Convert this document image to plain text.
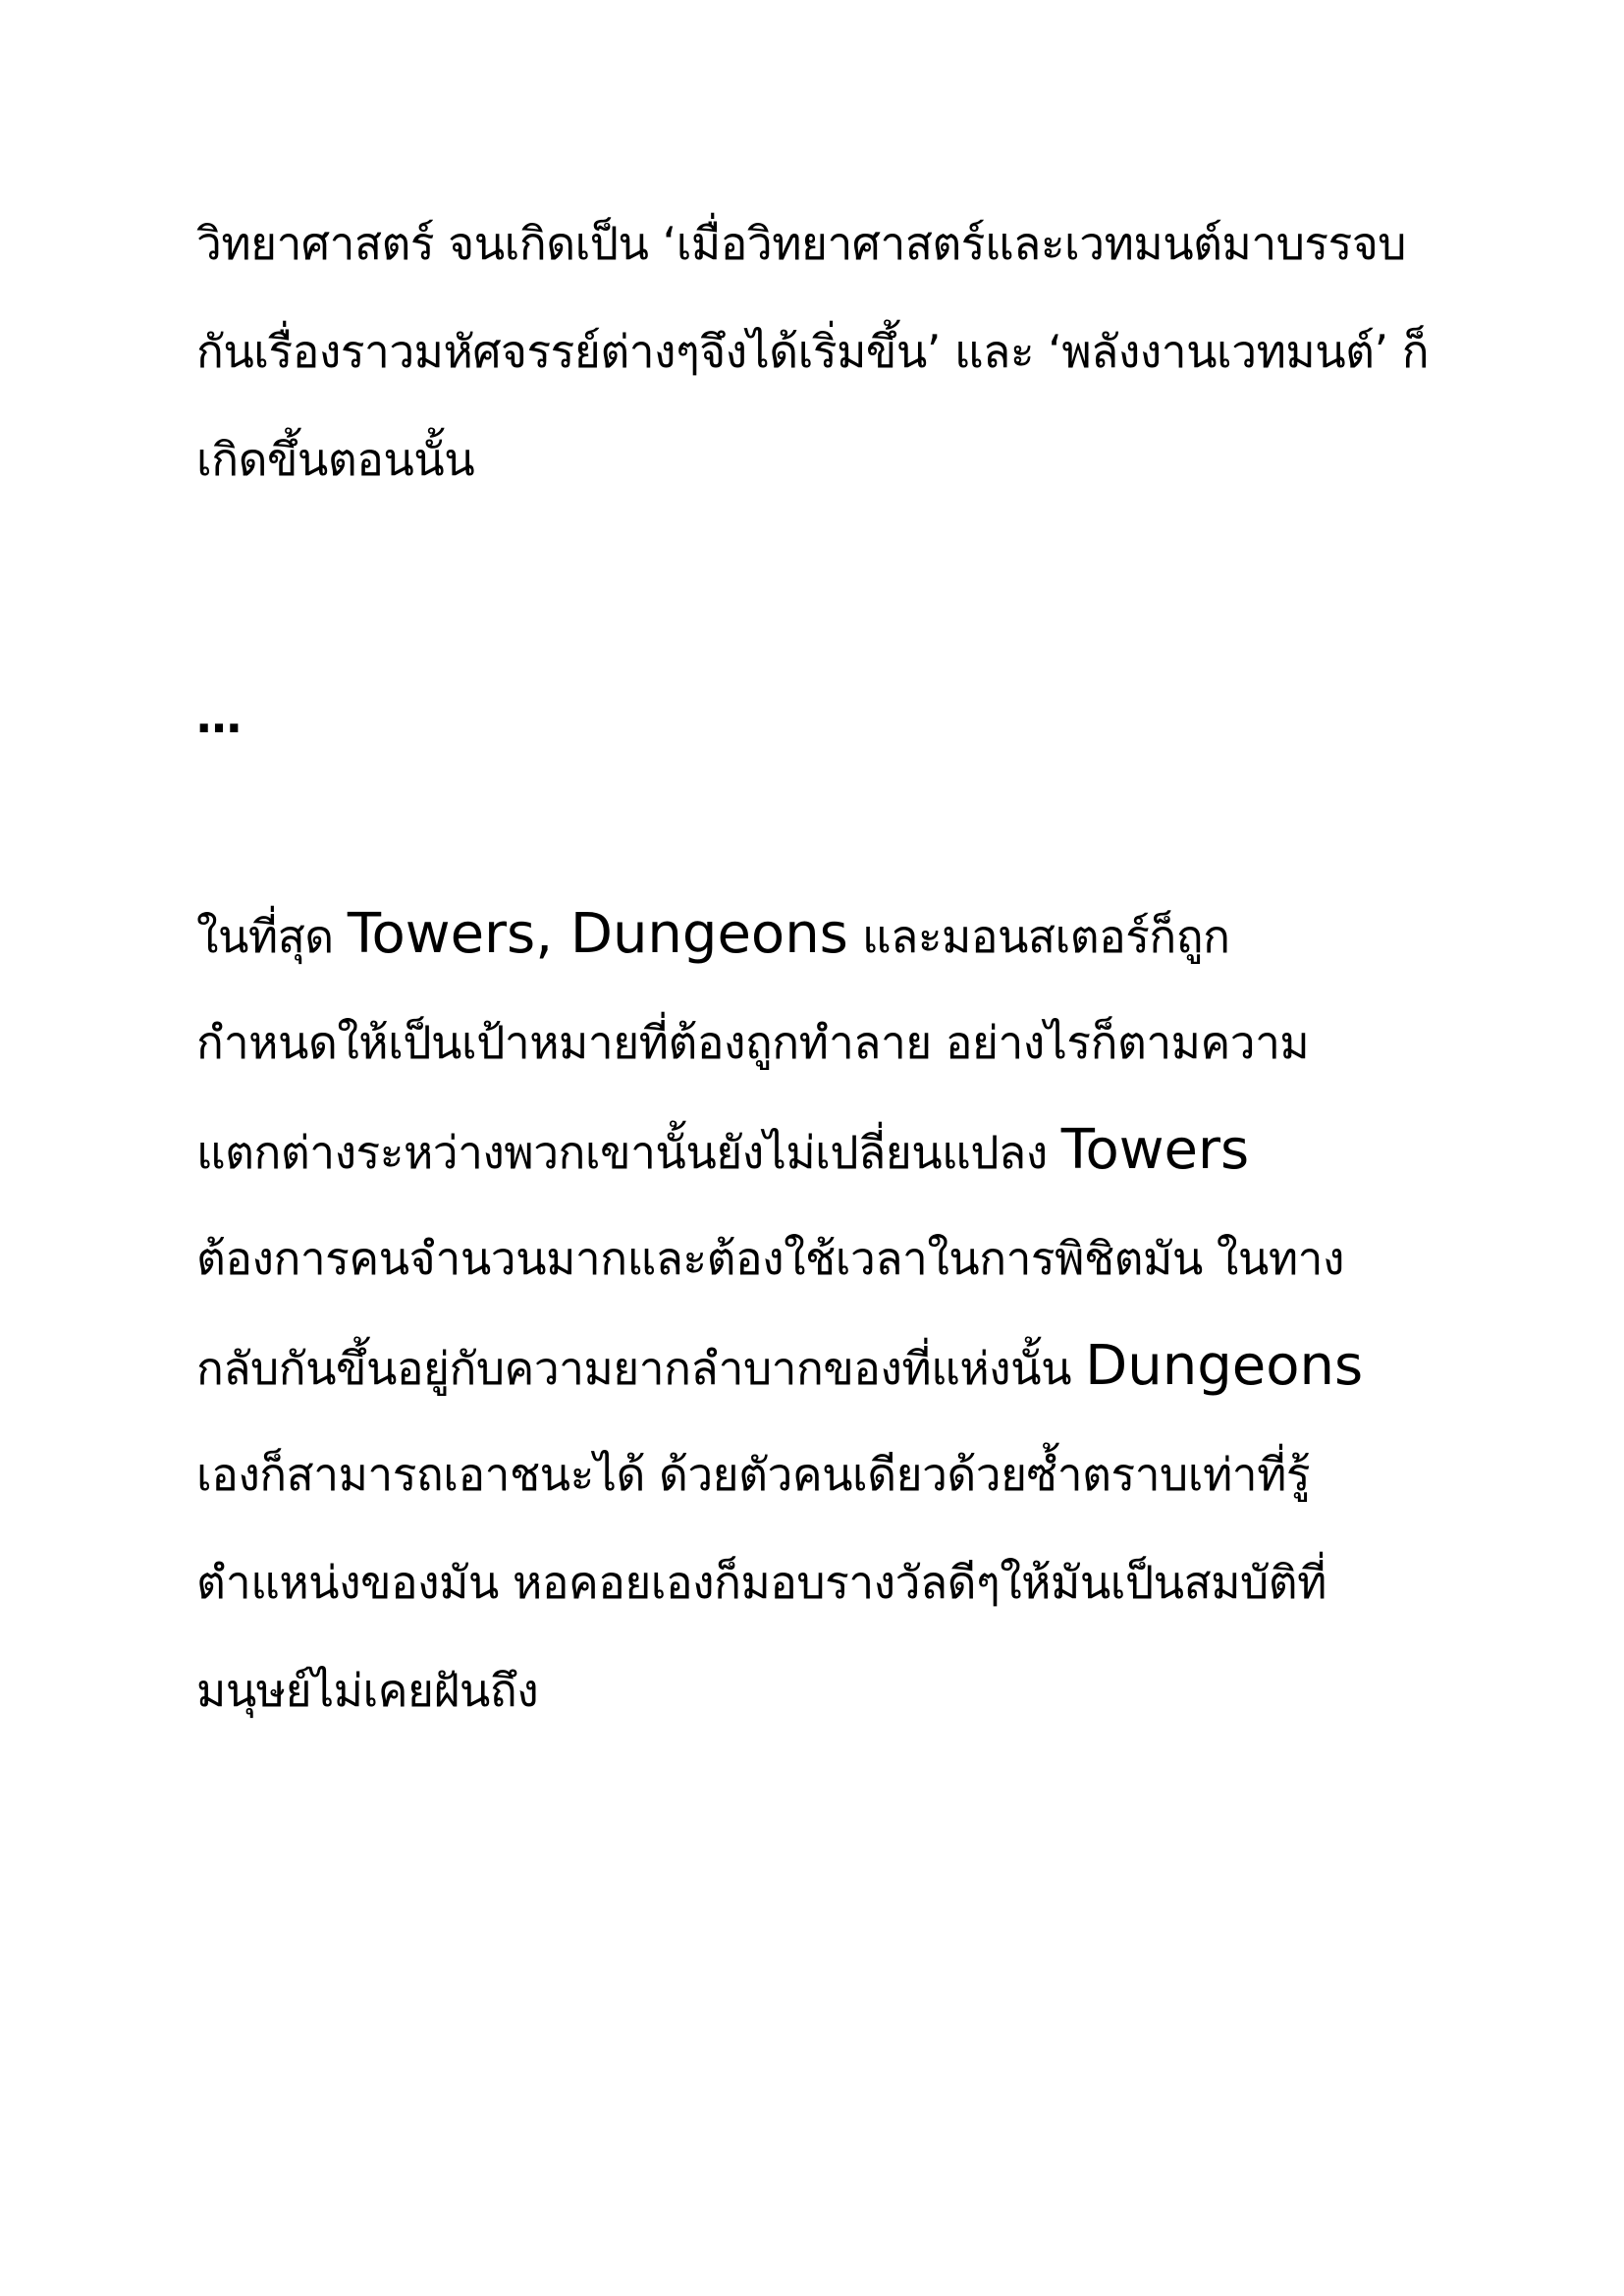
วิทยาศาสตร์ จนเกิดเป็น ‘เมื่อวิทยาศาสตร์และเวทมนต์มาบรรจบ
กันเรื่องราวมหัศจรรย์ต่างๆจึงได้เริ่มขึ้น’ และ ‘พลังงานเวทมนต์’ ก็
เกิดขึ้นตอนนั้น
…
ในที่สุด Towers, Dungeons และมอนสเตอร์ก็ถูก
กำหนดให้เป็นเป้าหมายที่ต้องถูกทำลาย อย่างไรก็ตามความ
แตกต่างระหว่างพวกเขานั้นยังไม่เปลี่ยนแปลง Towers
ต้องการคนจำนวนมากและต้องใช้เวลาในการพิชิตมัน ในทาง
กลับกันขึ้นอยู่กับความยากลำบากของที่แห่งนั้น Dungeons
เองก็สามารถเอาชนะได้ ด้วยตัวคนเดียวด้วยซ้ำตราบเท่าที่รู้
ตำแหน่งของมัน หอคอยเองก็มอบรางวัลดีๆให้มันเป็นสมบัติที่
มนุษย์ไม่เคยฝันถึง
